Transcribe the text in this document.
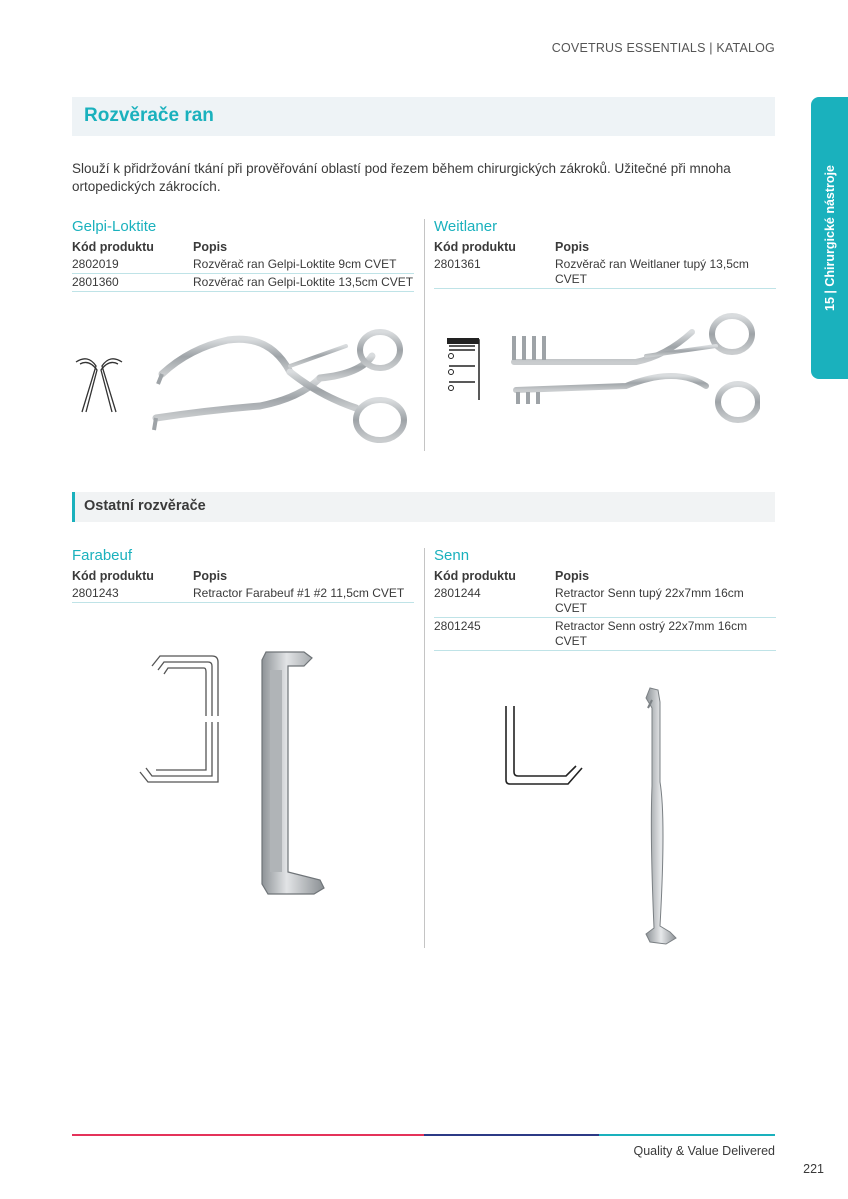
COVETRUS ESSENTIALS | KATALOG
15 | Chirurgické nástroje
Rozvěrače ran

Slouží k přidržování tkání při prověřování oblastí pod řezem během chirurgických zákroků. Užitečné při mnoha ortopedických zákrocích.

Gelpi-Loktite
Kód produktu	Popis
2802019	Rozvěrač ran Gelpi-Loktite 9cm CVET
2801360	Rozvěrač ran Gelpi-Loktite 13,5cm CVET
Weitlaner
Kód produktu	Popis
2801361	Rozvěrač ran Weitlaner tupý 13,5cm CVET
Ostatní rozvěrače
Farabeuf
Kód produktu	Popis
2801243	Retractor Farabeuf #1 #2 11,5cm CVET
Senn
Kód produktu	Popis
2801244	Retractor Senn tupý 22x7mm 16cm CVET
2801245	Retractor Senn ostrý 22x7mm 16cm CVET
Quality & Value Delivered
221
